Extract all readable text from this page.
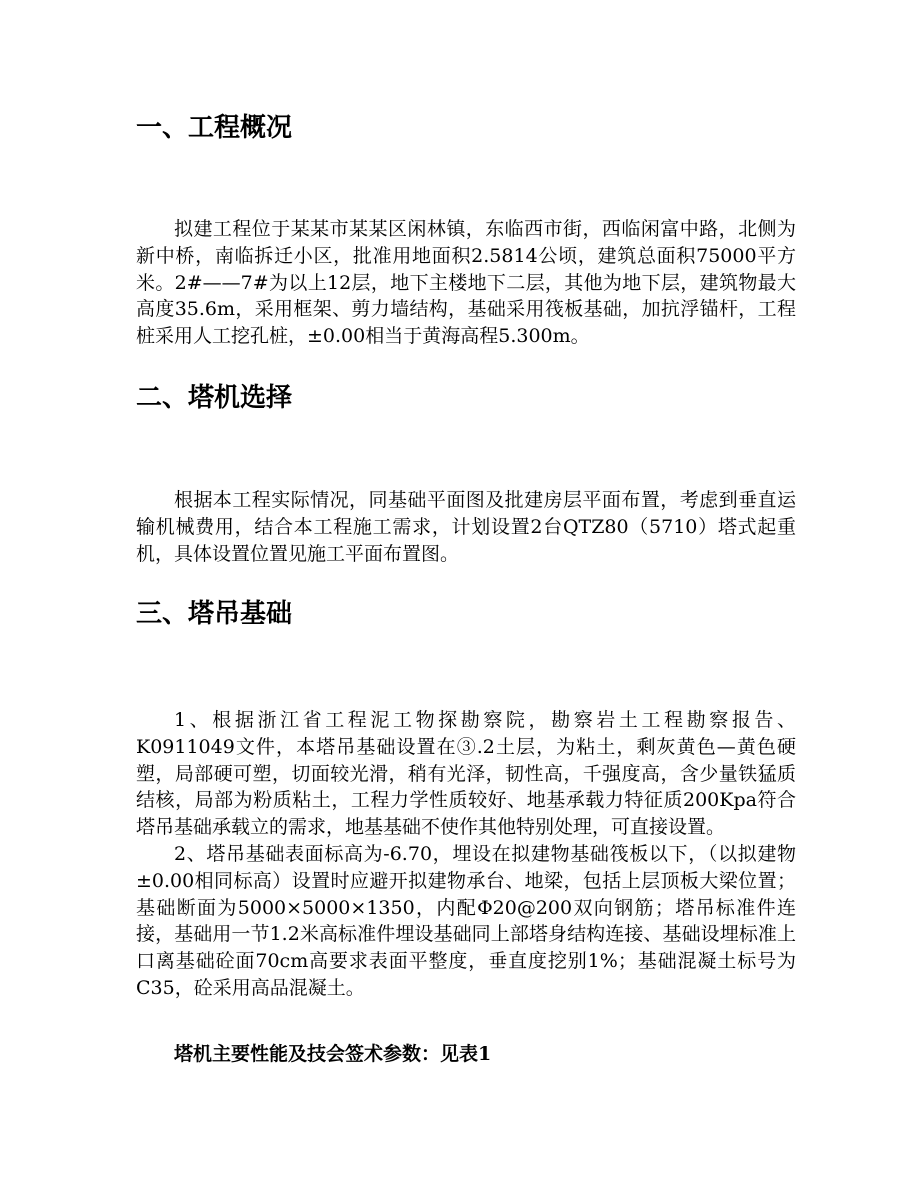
一、工程概况

拟建工程位于某某市某某区闲林镇，东临西市街，西临闲富中路，北侧为新中桥，南临拆迁小区，批准用地面积2.5814公顷，建筑总面积75000平方米。2#——7#为以上12层，地下主楼地下二层，其他为地下层，建筑物最大高度35.6m，采用框架、剪力墙结构，基础采用筏板基础，加抗浮锚杆，工程桩采用人工挖孔桩，±0.00相当于黄海高程5.300m。

二、塔机选择

根据本工程实际情况，同基础平面图及批建房层平面布置，考虑到垂直运输机械费用，结合本工程施工需求，计划设置2台QTZ80（5710）塔式起重机，具体设置位置见施工平面布置图。

三、塔吊基础

1、根据浙江省工程泥工物探勘察院，勘察岩土工程勘察报告、K0911049文件，本塔吊基础设置在③.2土层，为粘土，剩灰黄色—黄色硬塑，局部硬可塑，切面较光滑，稍有光泽，韧性高，千强度高，含少量铁猛质结核，局部为粉质粘土，工程力学性质较好、地基承载力特征质200Kpa符合塔吊基础承载立的需求，地基基础不使作其他特别处理，可直接设置。

2、塔吊基础表面标高为-6.70，埋设在拟建物基础筏板以下，（以拟建物±0.00相同标高）设置时应避开拟建物承台、地梁，包括上层顶板大梁位置；基础断面为5000×5000×1350，内配Φ20@200双向钢筋；塔吊标准件连接，基础用一节1.2米高标准件埋设基础同上部塔身结构连接、基础设埋标准上口离基础砼面70cm高要求表面平整度，垂直度挖别1%；基础混凝土标号为C35，砼采用高品混凝土。

塔机主要性能及技会签术参数：见表1
